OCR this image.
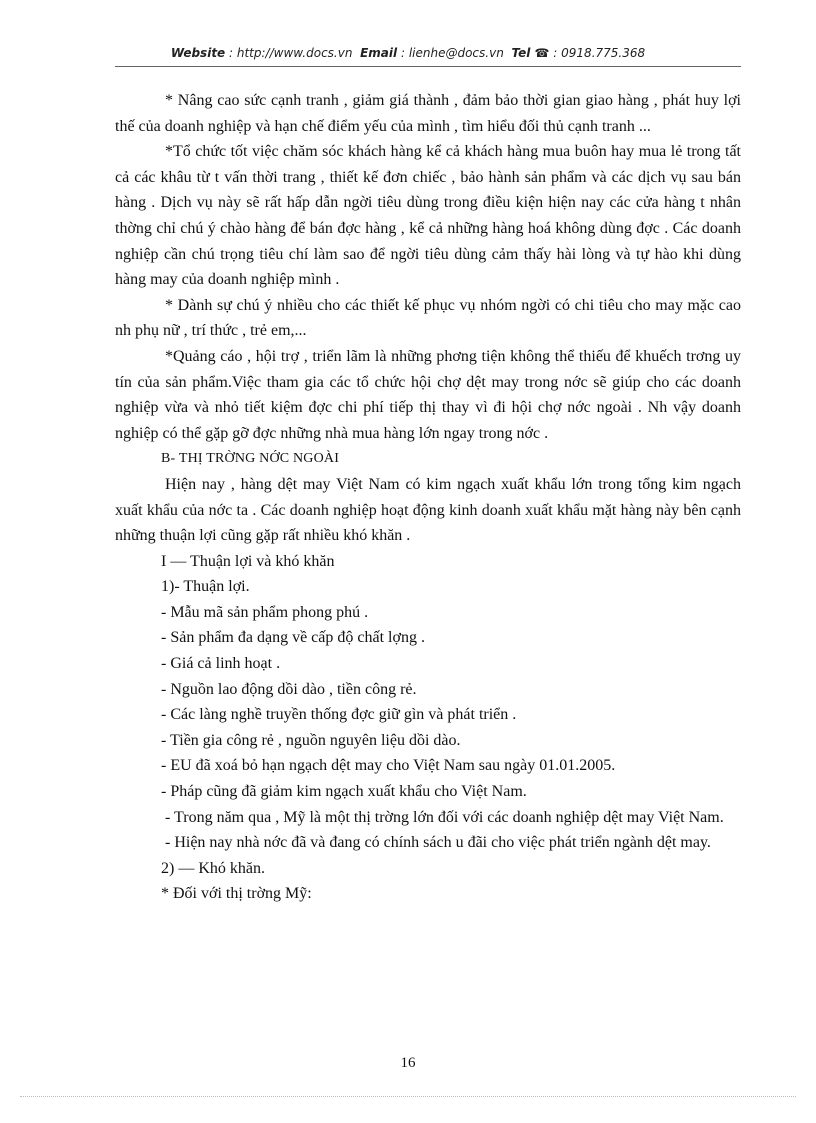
Website : http://www.docs.vn Email : lienhe@docs.vn Tel ☎ : 0918.775.368

* Nâng cao sức cạnh tranh , giảm giá thành , đảm bảo thời gian giao hàng , phát huy lợi thế của doanh nghiệp và hạn chế điểm yếu của mình , tìm hiểu đối thủ cạnh tranh ...

*Tổ chức tốt việc chăm sóc khách hàng kể cả khách hàng mua buôn hay mua lẻ trong tất cả các khâu từ t vấn thời trang , thiết kế đơn chiếc , bảo hành sản phẩm và các dịch vụ sau bán hàng . Dịch vụ này sẽ rất hấp dẫn ngời tiêu dùng trong điều kiện hiện nay các cửa hàng t nhân thờng chỉ chú ý chào hàng để bán đợc hàng , kể cả những hàng hoá không dùng đợc . Các doanh nghiệp cần chú trọng tiêu chí làm sao để ngời tiêu dùng cảm thấy hài lòng và tự hào khi dùng hàng may của doanh nghiệp mình .

* Dành sự chú ý nhiều cho các thiết kế phục vụ nhóm ngời có chi tiêu cho may mặc cao nh phụ nữ , trí thức , trẻ em,...

*Quảng cáo , hội trợ , triển lãm là những phơng tiện không thể thiếu để khuếch trơng uy tín của sản phẩm.Việc tham gia các tổ chức hội chợ dệt may trong nớc sẽ giúp cho các doanh nghiệp vừa và nhỏ tiết kiệm đợc chi phí tiếp thị thay vì đi hội chợ nớc ngoài . Nh vậy doanh nghiệp có thể gặp gỡ đợc những nhà mua hàng lớn ngay trong nớc .

B- THỊ TRỜNG NỚC NGOÀI

Hiện nay , hàng dệt may Việt Nam có kim ngạch xuất khẩu lớn trong tổng kim ngạch xuất khẩu của nớc ta . Các doanh nghiệp hoạt động kinh doanh xuất khẩu mặt hàng này bên cạnh những thuận lợi cũng gặp rất nhiều khó khăn .

I — Thuận lợi và khó khăn

1)- Thuận lợi.

- Mẫu mã sản phẩm phong phú .

- Sản phẩm đa dạng về cấp độ chất lợng .

- Giá cả linh hoạt .

- Nguồn lao động dồi dào , tiền công rẻ.

- Các làng nghề truyền thống đợc giữ gìn và phát triển .

- Tiền gia công rẻ , nguồn nguyên liệu dồi dào.

- EU đã xoá bỏ hạn ngạch dệt may cho Việt Nam sau ngày 01.01.2005.

- Pháp cũng đã giảm kim ngạch xuất khẩu cho Việt Nam.

- Trong năm qua , Mỹ là một thị trờng lớn đối với các doanh nghiệp dệt may Việt Nam.

- Hiện nay nhà nớc đã và đang có chính sách u đãi cho việc phát triển ngành dệt may.

2) — Khó khăn.

* Đối với thị trờng Mỹ:

16
